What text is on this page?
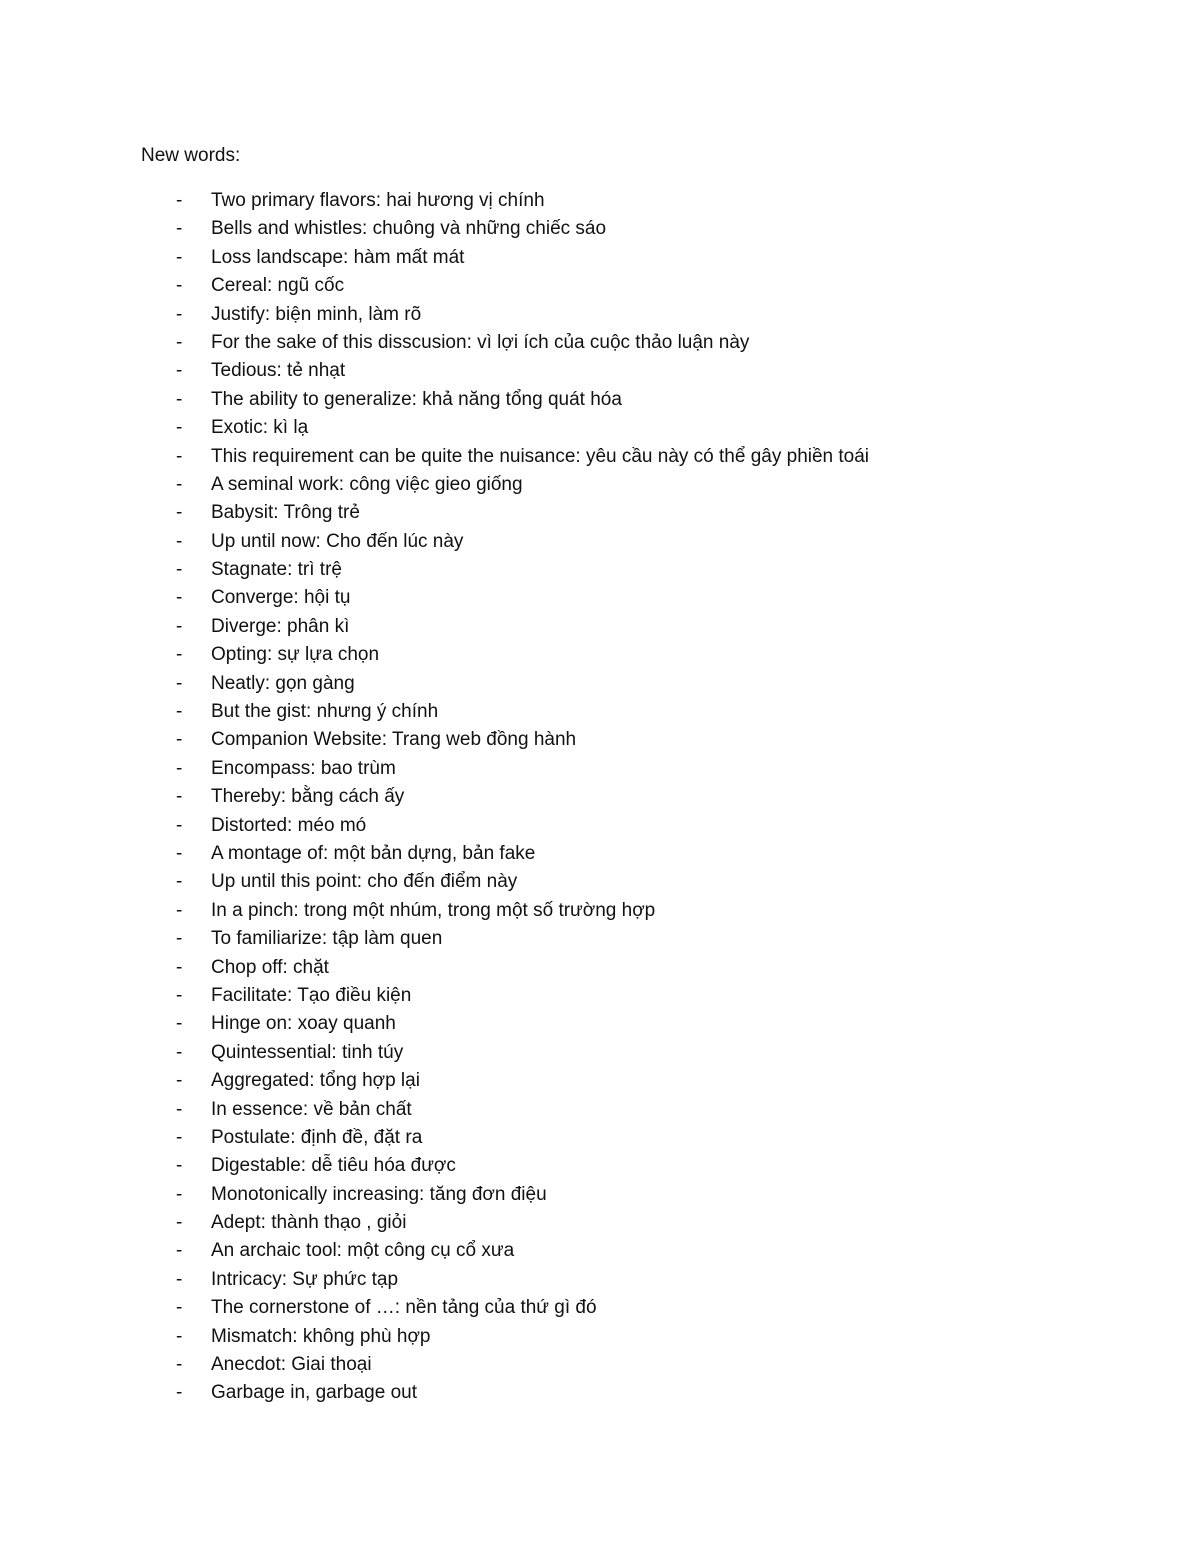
New words:
- Two primary flavors: hai hương vị chính
- Bells and whistles: chuông và những chiếc sáo
- Loss landscape: hàm mất mát
- Cereal: ngũ cốc
- Justify: biện minh, làm rõ
- For the sake of this disscusion: vì lợi ích của cuộc thảo luận này
- Tedious: tẻ nhạt
- The ability to generalize: khả năng tổng quát hóa
- Exotic: kì lạ
- This requirement can be quite the nuisance: yêu cầu này có thể gây phiền toái
- A seminal work: công việc gieo giống
- Babysit: Trông trẻ
- Up until now: Cho đến lúc này
- Stagnate: trì trệ
- Converge: hội tụ
- Diverge: phân kì
- Opting: sự lựa chọn
- Neatly: gọn gàng
- But the gist: nhưng ý chính
- Companion Website: Trang web đồng hành
- Encompass: bao trùm
- Thereby: bằng cách ấy
- Distorted: méo mó
- A montage of: một bản dựng, bản fake
- Up until this point: cho đến điểm này
- In a pinch: trong một nhúm, trong một số trường hợp
- To familiarize: tập làm quen
- Chop off: chặt
- Facilitate: Tạo điều kiện
- Hinge on: xoay quanh
- Quintessential: tinh túy
- Aggregated: tổng hợp lại
- In essence: về bản chất
- Postulate: định đề, đặt ra
- Digestable: dễ tiêu hóa được
- Monotonically increasing: tăng đơn điệu
- Adept: thành thạo , giỏi
- An archaic tool: một công cụ cổ xưa
- Intricacy: Sự phức tạp
- The cornerstone of …: nền tảng của thứ gì đó
- Mismatch: không phù hợp
- Anecdot: Giai thoại
- Garbage in, garbage out
